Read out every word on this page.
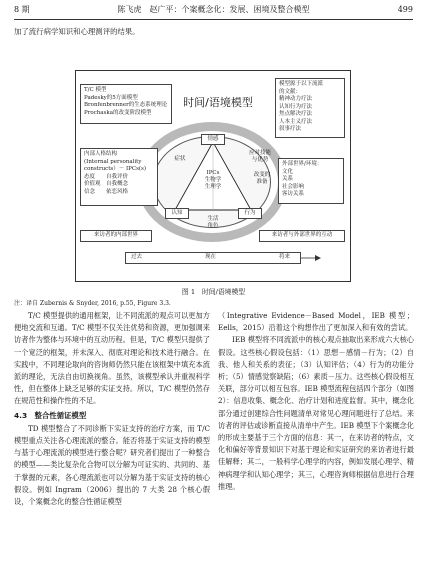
8 期	陈飞虎　赵广平：个案概念化：发展、困境及整合模型	499
加了流行病学知识和心理测评的结果。
时间/语境模型
T/C 模型
Padesky的5方面模型
Bronfenbrenner的生态系统理论
Prochaska的改变阶段模型
模型源于以下流派
的文献：
精神动力疗法
认知行为疗法
焦点解决疗法
人本主义疗法
叙事疗法
情感
认知	行为
IPCs
生物学
生理学
症状
应对技能
与优势
改变的
准备
生活
角色
内部人格结构
(Internal personality
constructs）－ IPCs(s)
态度　　自我评价
价值观　自我概念
信念　　依恋风格
外部世界/环境：
文化
关系
社会影响
客访关系
来访者的内部世界	来访者与外部世界的互动
过去	现在	将来
图 1　时间/语境模型
注：译自 Zubernis & Snyder, 2016, p.55, Figure 3.3.

T/C 模型提供的通用框架，让不同流派的观点可以更加方便地交流和互通。T/C 模型不仅关注优势和资源，更加强调来访者作为整体与环境中的互动历程。但是，T/C 模型只提供了一个宽泛的框架，并未深入、彻底对理论和技术进行融合。在实践中，不同理论取向的咨询师仍然只能在该框架中填充本流派的理论，无法自由切换视角。虽然，该模型承认并重视科学性，但在整体上缺乏足够的实证支持。所以，T/C 模型仍然存在规范性和操作性的不足。

4.3　整合性循证模型

TD 模型整合了不同诊断下实证支持的治疗方案，而 T/C 模型重点关注各心理流派的整合。能否将基于实证支持的模型与基于心理流派的模型进行整合呢？研究者们提出了一种整合的模型——类比复杂化合物可以分解为可证实的、共同的、基于掌握的元素，各心理流派也可以分解为基于实证支持的核心假设。例如 Ingram（2006）提出的 7 大类 28 个核心假设，个案概念化的整合性循证模型

（Integrative Evidence－Based Model，IEB 模型；Eells，2015）沿着这个构想作出了更加深入和有效的尝试。

IEB 模型将不同流派中的核心观点抽取出来形成六大核心假设。这些核心假设包括：（1）思想－感情－行为；（2）自我、他人和关系的表征；（3）认知评估；（4）行为的功能分析；（5）情感觉察缺陷；（6）素质－压力。这些核心假设相互关联，部分可以相互包容。IEB 模型流程包括四个部分（如图 2）：信息收集、概念化、治疗计划和进度监督。其中，概念化部分通过创建综合性问题清单对常见心理问题进行了总结。来访者的评估或诊断直接从清单中产生。IEB 模型下个案概念化的形成主要基于三个方面的信息：其一，在来访者的特点，文化和偏好等背景知识下对基于理论和实证研究的来访者进行最佳解释；其二，一般科学心理学的内容，例如发展心理学、精神病理学和认知心理学；其三，心理咨询师根据信息进行合理推理。
